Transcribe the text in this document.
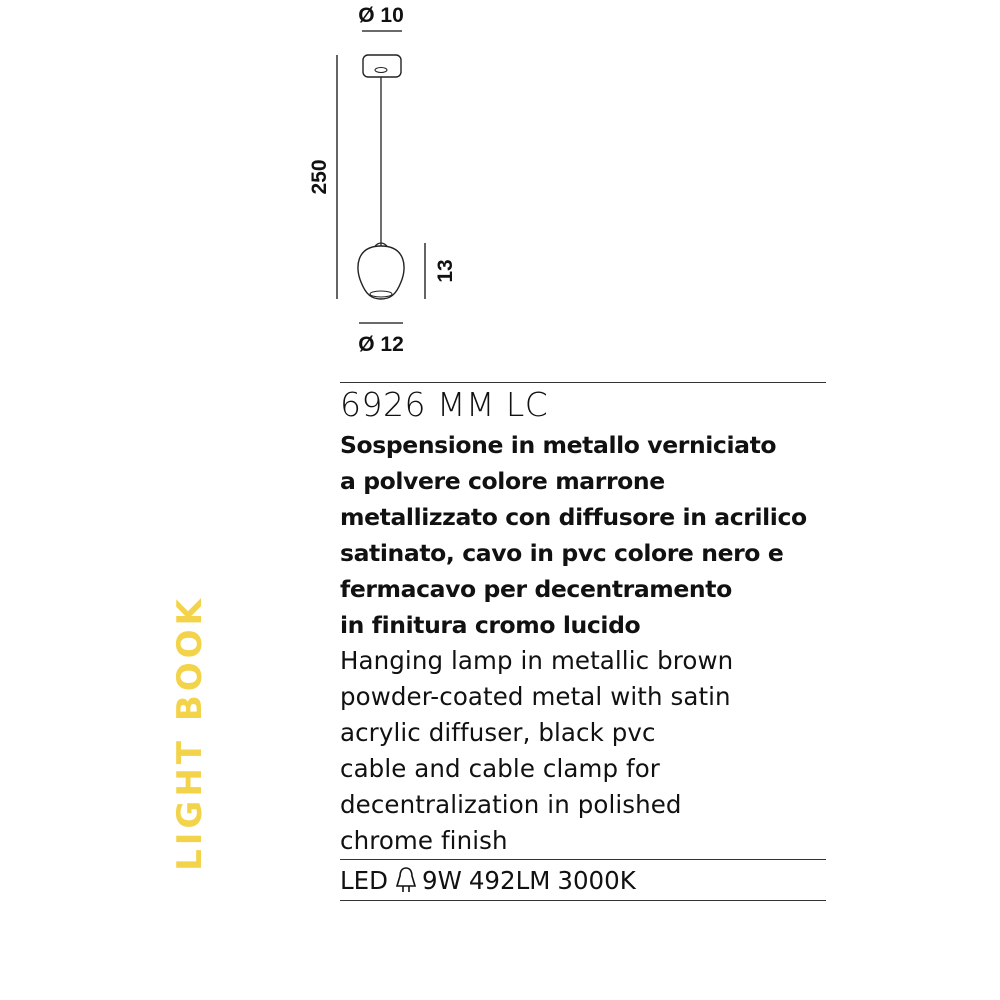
Ø 10
250
13
Ø 12
LIGHT BOOK
6926 MM LC
Sospensione in metallo verniciato
a polvere colore marrone
metallizzato con diffusore in acrilico
satinato, cavo in pvc colore nero e
fermacavo per decentramento
in finitura cromo lucido
Hanging lamp in metallic brown
powder-coated metal with satin
acrylic diffuser, black pvc
cable and cable clamp for
decentralization in polished
chrome finish
LED 9W 492LM 3000K
